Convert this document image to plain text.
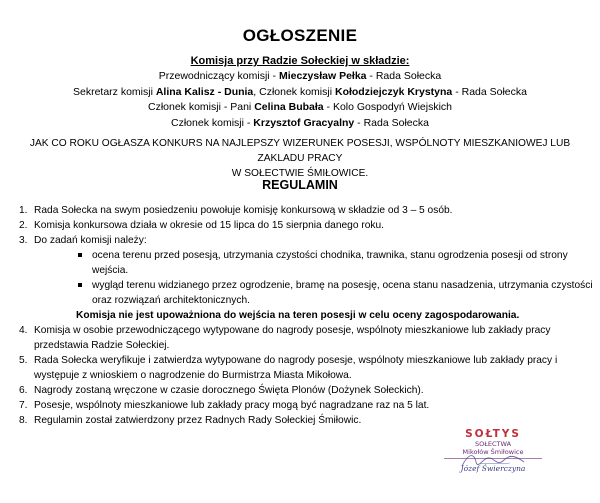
OGŁOSZENIE
Komisja przy Radzie Sołeckiej w składzie:
Przewodniczący komisji - Mieczysław Pełka - Rada Sołecka
Sekretarz komisji Alina Kalisz - Dunia, Członek komisji Kołodziejczyk Krystyna - Rada Sołecka
Członek komisji - Pani Celina Bubała - Kolo Gospodyń Wiejskich
Członek komisji - Krzysztof Gracyalny - Rada Sołecka
JAK CO ROKU OGŁASZA KONKURS NA NAJLEPSZY WIZERUNEK POSESJI, WSPÓLNOTY MIESZKANIOWEJ LUB ZAKLADU PRACY
W SOŁECTWIE ŚMIŁOWICE.
REGULAMIN
1. Rada Sołecka na swym posiedzeniu powołuje komisję konkursową w składzie od 3 – 5 osób.
2. Komisja konkursowa działa w okresie od 15 lipca do 15 sierpnia danego roku.
3. Do zadań komisji należy:
ocena terenu przed posesją, utrzymania czystości chodnika, trawnika, stanu ogrodzenia posesji od strony
wejścia.
wygląd terenu widzianego przez ogrodzenie, bramę na posesję, ocena stanu nasadzenia, utrzymania czystości
oraz rozwiązań architektonicznych.
Komisja nie jest upoważniona do wejścia na teren posesji w celu oceny zagospodarowania.
4. Komisja w osobie przewodniczącego wytypowane do nagrody posesje, wspólnoty mieszkaniowe lub zakłady pracy
przedstawia Radzie Sołeckiej.
5. Rada Sołecka weryfikuje i zatwierdza wytypowane do nagrody posesje, wspólnoty mieszkaniowe lub zakłady pracy i
występuje z wnioskiem o nagrodzenie do Burmistrza Miasta Mikołowa.
6. Nagrody zostaną wręczone w czasie dorocznego Święta Plonów (Dożynek Sołeckich).
7. Posesje, wspólnoty mieszkaniowe lub zakłady pracy mogą być nagradzane raz na 5 lat.
8. Regulamin został zatwierdzony przez Radnych Rady Sołeckiej Śmiłowic.
SOŁTYS
SOŁECTWA
Mikołów Śmiłowice
Józef Świerczyna
